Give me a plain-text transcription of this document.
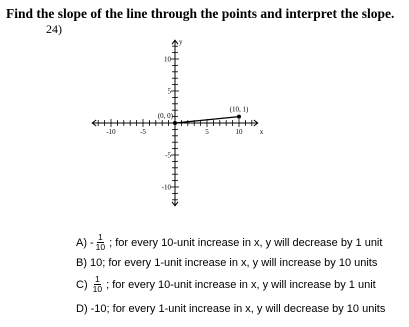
Find the slope of the line through the points and interpret the slope.
24)
-10	-5	5	10
10
5
-5
-10
x
y
(0, 0)
(10, 1)
$A) - \frac{1}{10}$ ; for every 10-unit increase in x, y will decrease by 1 unit
B) 10; for every 1-unit increase in x, y will increase by 10 units
$C) \frac{1}{10}$ ; for every 10-unit increase in x, y will increase by 1 unit
D) -10; for every 1-unit increase in x, y will decrease by 10 units
